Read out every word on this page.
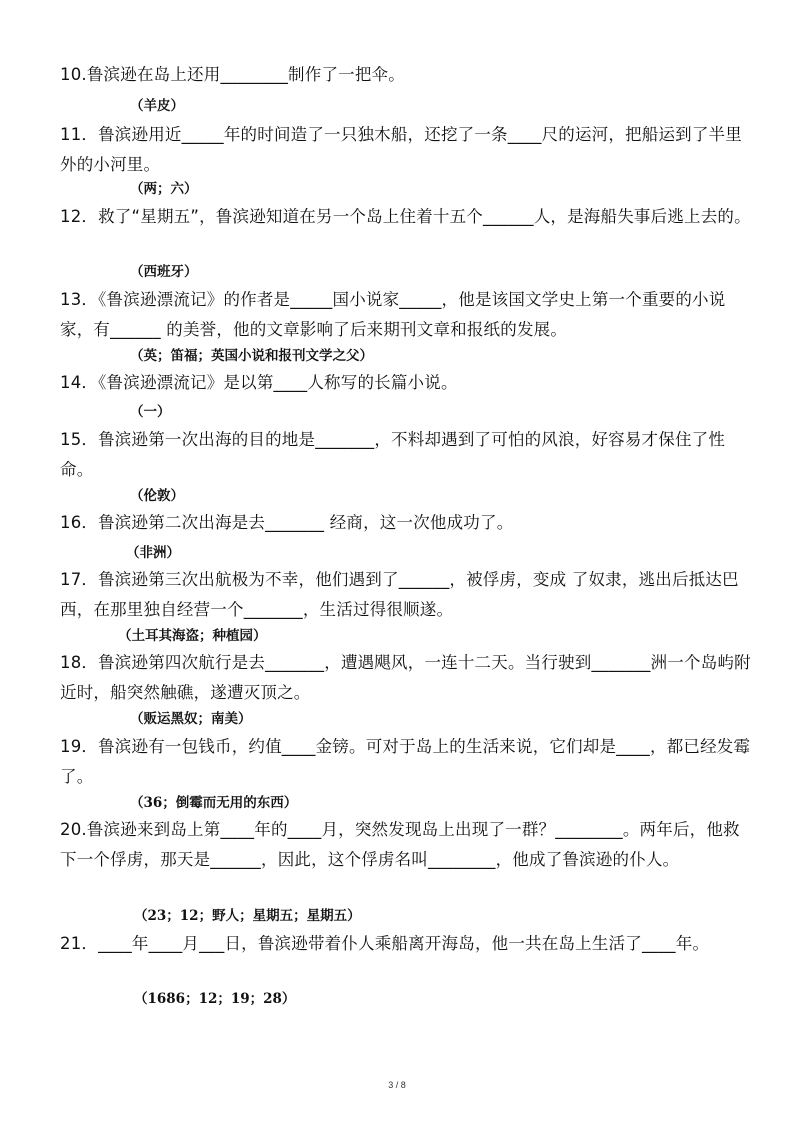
10.鲁滨逊在岛上还用________制作了一把伞。

（羊皮）

11．鲁滨逊用近_____年的时间造了一只独木船，还挖了一条____尺的运河，把船运到了半里外的小河里。

（两；六）

12．救了“星期五”，鲁滨逊知道在另一个岛上住着十五个______人，是海船失事后逃上去的。

（西班牙）

13．《鲁滨逊漂流记》的作者是_____国小说家_____，他是该国文学史上第一个重要的小说家，有______ 的美誉，他的文章影响了后来期刊文章和报纸的发展。

（英；笛福；英国小说和报刊文学之父）

14．《鲁滨逊漂流记》是以第____人称写的长篇小说。

（一）

15．鲁滨逊第一次出海的目的地是_______，不料却遇到了可怕的风浪，好容易才保住了性命。

（伦敦）

16．鲁滨逊第二次出海是去_______ 经商，这一次他成功了。

（非洲）

17．鲁滨逊第三次出航极为不幸，他们遇到了______，被俘虏，变成 了奴隶，逃出后抵达巴西，在那里独自经营一个_______，生活过得很顺遂。

（土耳其海盗；种植园）

18．鲁滨逊第四次航行是去_______，遭遇飓风，一连十二天。当行驶到_______洲一个岛屿附近时，船突然触礁，遂遭灭顶之。

（贩运黑奴；南美）

19．鲁滨逊有一包钱币，约值____金镑。可对于岛上的生活来说，它们却是____，都已经发霉了。

（36；倒霉而无用的东西）

20.鲁滨逊来到岛上第____年的____月，突然发现岛上出现了一群？________。两年后，他救下一个俘虏，那天是______，因此，这个俘虏名叫________，他成了鲁滨逊的仆人。

（23；12；野人；星期五；星期五）

21．____年____月___日，鲁滨逊带着仆人乘船离开海岛，他一共在岛上生活了____年。

（1686；12；19；28）

3 / 8
